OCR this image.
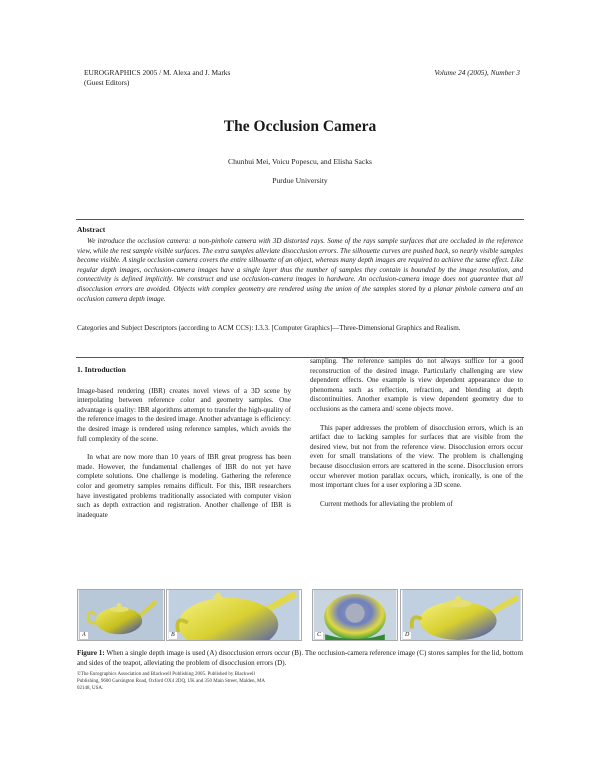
EUROGRAPHICS 2005 / M. Alexa and J. Marks
(Guest Editors)
Volume 24 (2005), Number 3
The Occlusion Camera
Chunhui Mei, Voicu Popescu, and Elisha Sacks
Purdue University
Abstract
We introduce the occlusion camera: a non-pinhole camera with 3D distorted rays. Some of the rays sample surfaces that are occluded in the reference view, while the rest sample visible surfaces. The extra samples alleviate disocclusion errors. The silhouette curves are pushed back, so nearly visible samples become visible. A single occlusion camera covers the entire silhouette of an object, whereas many depth images are required to achieve the same effect. Like regular depth images, occlusion-camera images have a single layer thus the number of samples they contain is bounded by the image resolution, and connectivity is defined implicitly. We construct and use occlusion-camera images in hardware. An occlusion-camera image does not guarantee that all disocclusion errors are avoided. Objects with complex geometry are rendered using the union of the samples stored by a planar pinhole camera and an occlusion camera depth image.
Categories and Subject Descriptors (according to ACM CCS): I.3.3. [Computer Graphics]—Three-Dimensional Graphics and Realism.
1. Introduction

Image-based rendering (IBR) creates novel views of a 3D scene by interpolating between reference color and geometry samples. One advantage is quality: IBR algorithms attempt to transfer the high-quality of the reference images to the desired image. Another advantage is efficiency: the desired image is rendered using reference samples, which avoids the full complexity of the scene.

In what are now more than 10 years of IBR great progress has been made. However, the fundamental challenges of IBR do not yet have complete solutions. One challenge is modeling. Gathering the reference color and geometry samples remains difficult. For this, IBR researchers have investigated problems traditionally associated with computer vision such as depth extraction and registration. Another challenge of IBR is inadequate

sampling. The reference samples do not always suffice for a good reconstruction of the desired image. Particularly challenging are view dependent effects. One example is view dependent appearance due to phenomena such as reflection, refraction, and blending at depth discontinuities. Another example is view dependent geometry due to occlusions as the camera and/ scene objects move.

This paper addresses the problem of disocclusion errors, which is an artifact due to lacking samples for surfaces that are visible from the desired view, but not from the reference view. Disocclusion errors occur even for small translations of the view. The problem is challenging because disocclusion errors are scattered in the scene. Disocclusion errors occur wherever motion parallax occurs, which, ironically, is one of the most important clues for a user exploring a 3D scene.

Current methods for alleviating the problem of

A	B	C	D
Figure 1: When a single depth image is used (A) disocclusion errors occur (B). The occlusion-camera reference image (C) stores samples for the lid, bottom and sides of the teapot, alleviating the problem of disocclusion errors (D).
©The Eurographics Association and Blackwell Publishing 2005. Published by Blackwell Publishing, 9600 Garsington Road, Oxford OX4 2DQ, UK and 350 Main Street, Malden, MA 02148, USA.
